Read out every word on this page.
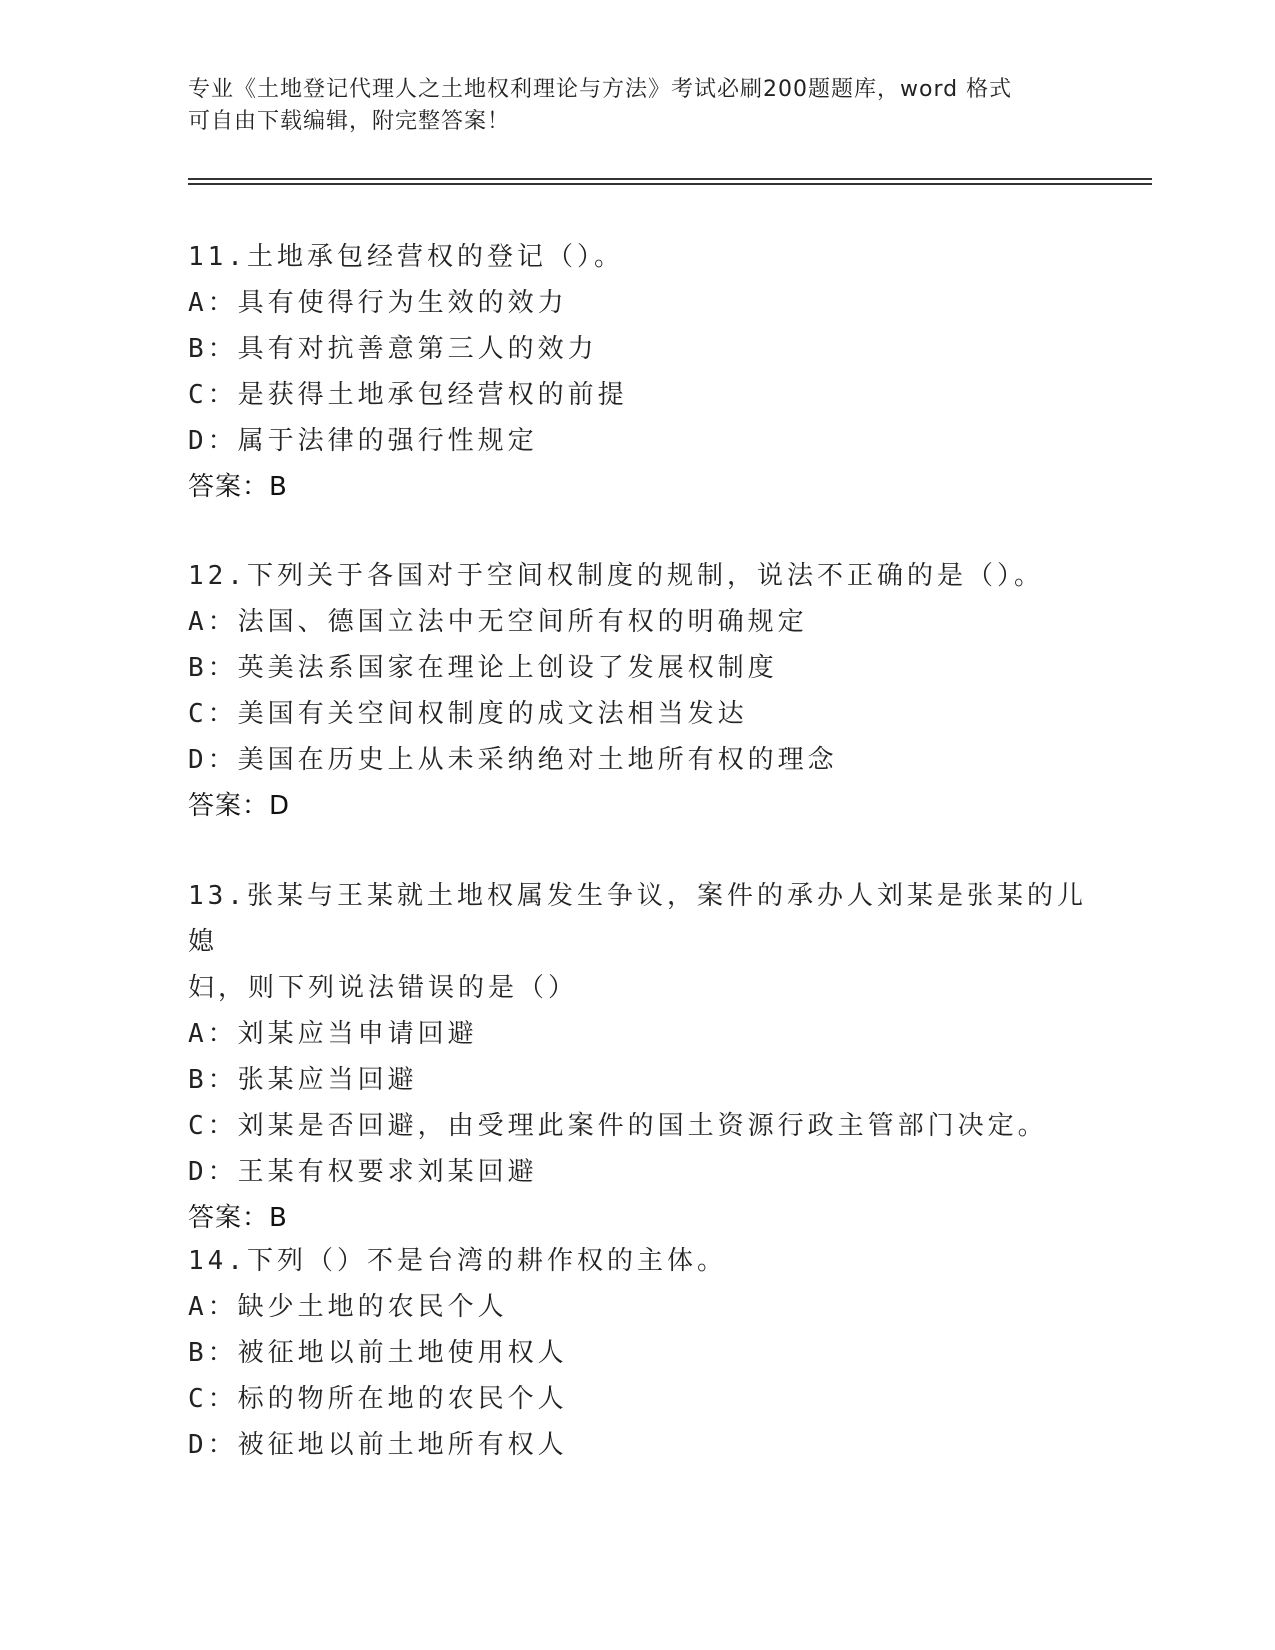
专业《土地登记代理人之土地权利理论与方法》考试必刷200题题库，word 格式
可自由下载编辑，附完整答案！
11.土地承包经营权的登记（）。
A：具有使得行为生效的效力
B：具有对抗善意第三人的效力
C：是获得土地承包经营权的前提
D：属于法律的强行性规定
答案：B
12.下列关于各国对于空间权制度的规制，说法不正确的是（）。
A：法国、德国立法中无空间所有权的明确规定
B：英美法系国家在理论上创设了发展权制度
C：美国有关空间权制度的成文法相当发达
D：美国在历史上从未采纳绝对土地所有权的理念
答案：D
13.张某与王某就土地权属发生争议，案件的承办人刘某是张某的儿媳
妇，则下列说法错误的是（）
A：刘某应当申请回避
B：张某应当回避
C：刘某是否回避，由受理此案件的国土资源行政主管部门决定。
D：王某有权要求刘某回避
答案：B
14.下列（）不是台湾的耕作权的主体。
A：缺少土地的农民个人
B：被征地以前土地使用权人
C：标的物所在地的农民个人
D：被征地以前土地所有权人
